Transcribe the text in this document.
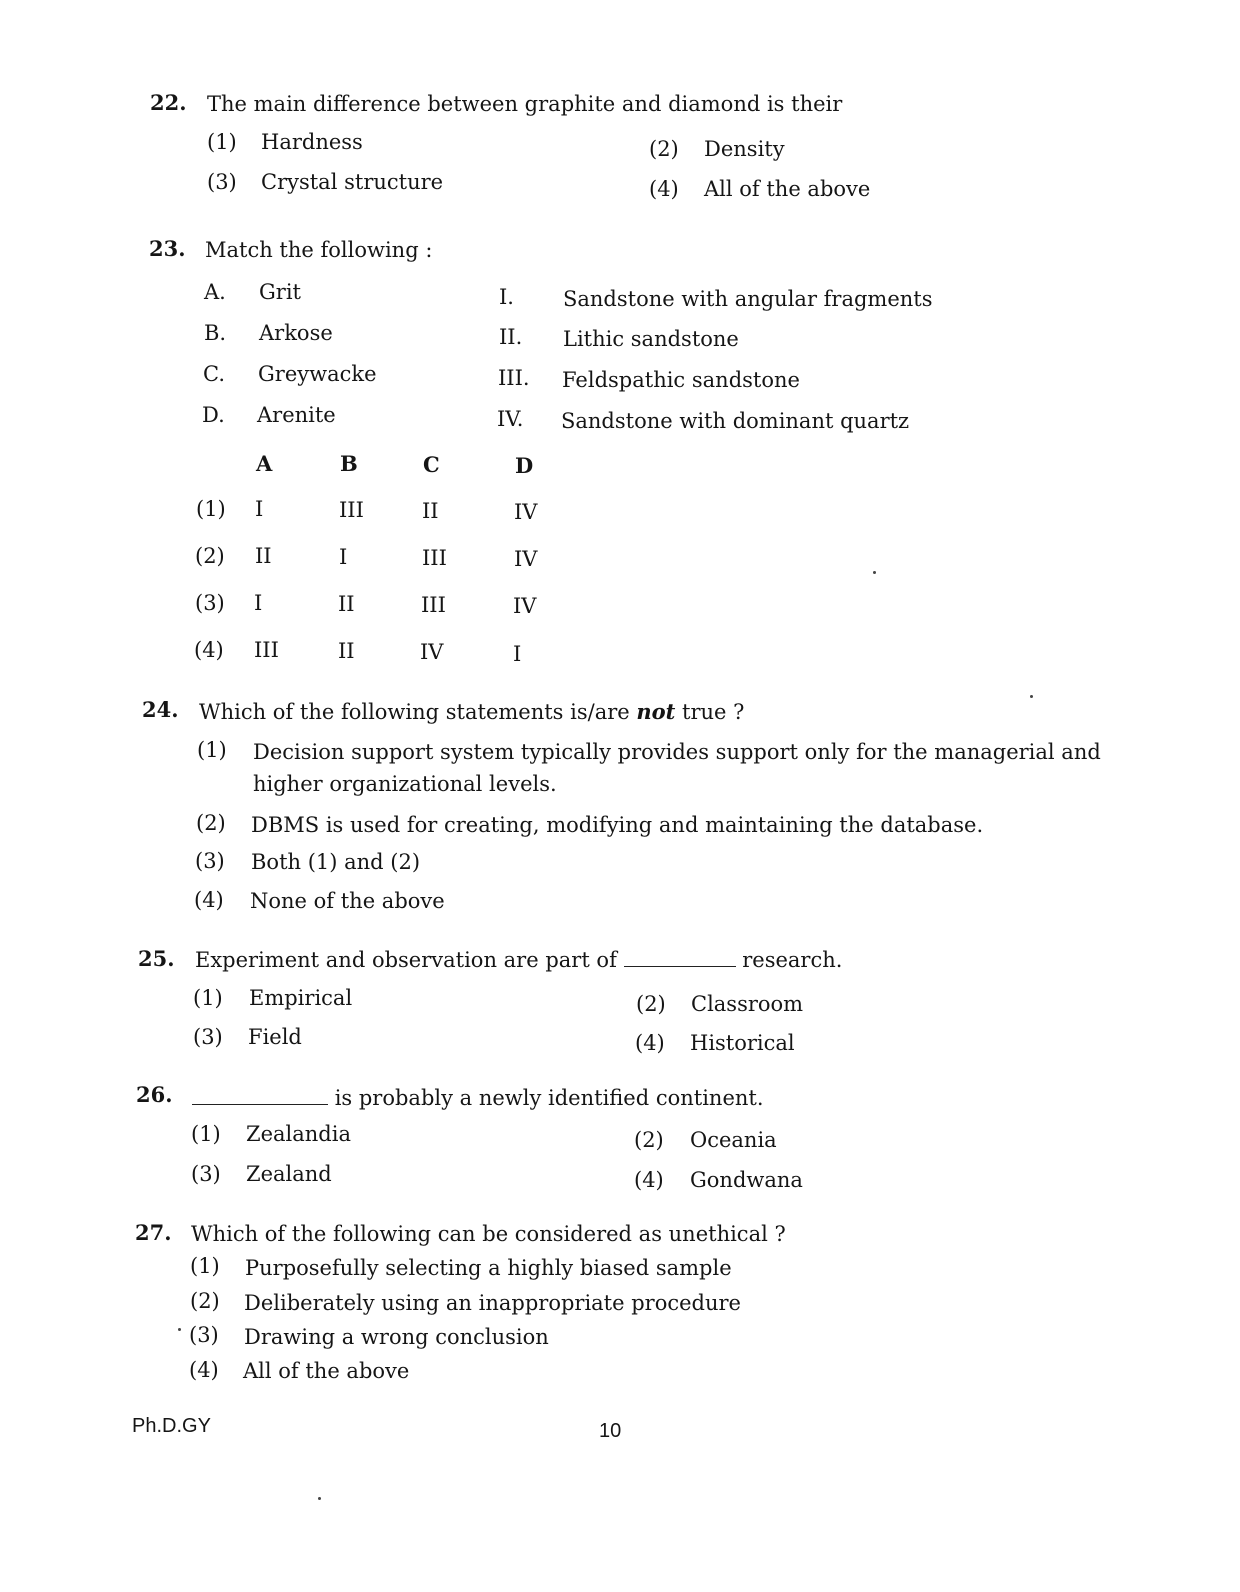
22. The main difference between graphite and diamond is their
(1) Hardness	(2) Density
(3) Crystal structure	(4) All of the above
23. Match the following :
A. Grit
B. Arkose
C. Greywacke
D. Arenite
I. Sandstone with angular fragments
II. Lithic sandstone
III. Feldspathic sandstone
IV. Sandstone with dominant quartz
A	B	C	D
(1) I	III	II	IV
(2) II	I	III	IV
(3) I	II	III	IV
(4) III	II	IV	I
24. Which of the following statements is/are not true ?
(1) Decision support system typically provides support only for the managerial and
higher organizational levels.
(2) DBMS is used for creating, modifying and maintaining the database.
(3) Both (1) and (2)
(4) None of the above
25. Experiment and observation are part of	research.
(1) Empirical	(2) Classroom
(3) Field	(4) Historical
26.	is probably a newly identified continent.
(1) Zealandia	(2) Oceania
(3) Zealand	(4) Gondwana
27. Which of the following can be considered as unethical ?
(1) Purposefully selecting a highly biased sample
(2) Deliberately using an inappropriate procedure
(3) Drawing a wrong conclusion
(4) All of the above
Ph.D.GY	10
